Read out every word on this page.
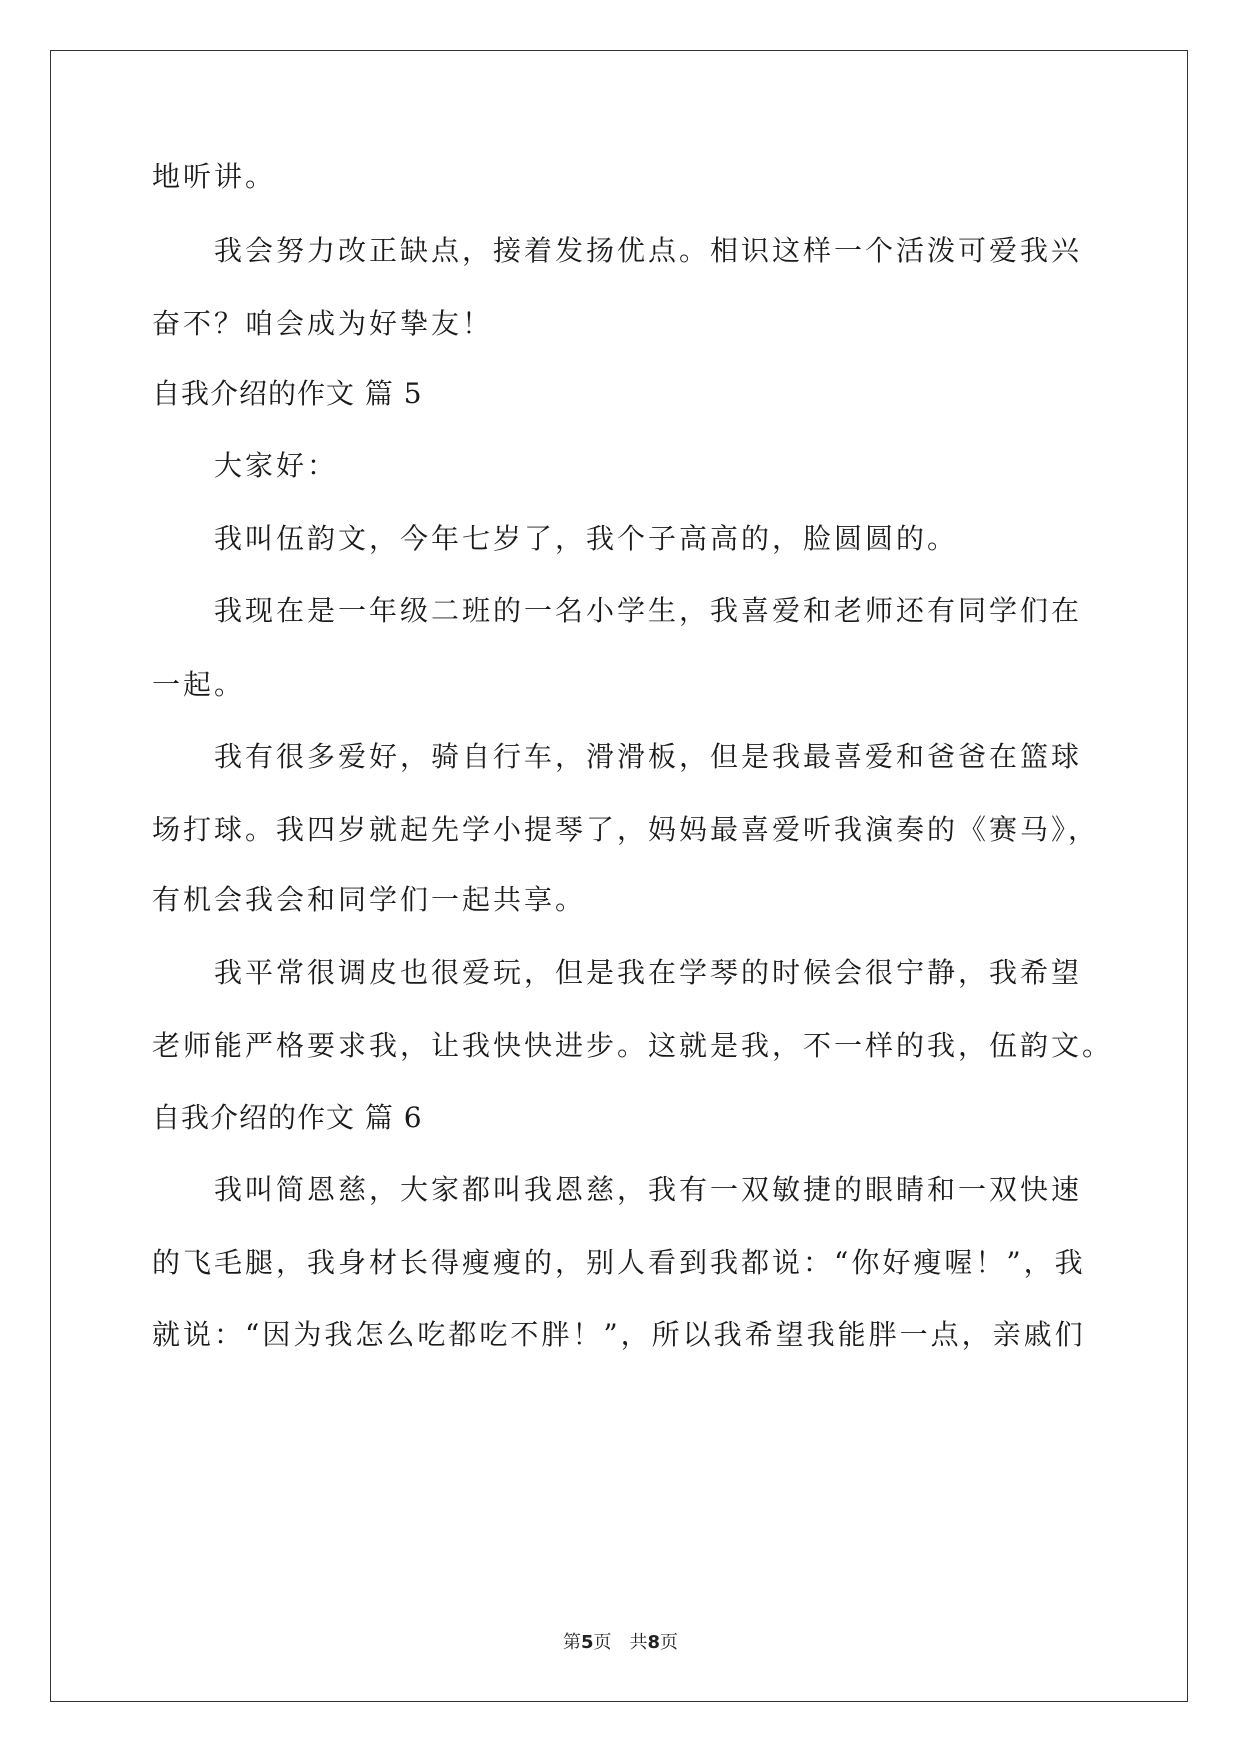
地听讲。
我会努力改正缺点，接着发扬优点。相识这样一个活泼可爱我兴
奋不？咱会成为好挚友！
自我介绍的作文 篇 5
大家好：
我叫伍韵文，今年七岁了，我个子高高的，脸圆圆的。
我现在是一年级二班的一名小学生，我喜爱和老师还有同学们在
一起。
我有很多爱好，骑自行车，滑滑板，但是我最喜爱和爸爸在篮球
场打球。我四岁就起先学小提琴了，妈妈最喜爱听我演奏的《赛马》，
有机会我会和同学们一起共享。
我平常很调皮也很爱玩，但是我在学琴的时候会很宁静，我希望
老师能严格要求我，让我快快进步。这就是我，不一样的我，伍韵文。
自我介绍的作文 篇 6
我叫简恩慈，大家都叫我恩慈，我有一双敏捷的眼睛和一双快速
的飞毛腿，我身材长得瘦瘦的，别人看到我都说：“你好瘦喔！”，我
就说：“因为我怎么吃都吃不胖！”，所以我希望我能胖一点，亲戚们
第5页 共8页
